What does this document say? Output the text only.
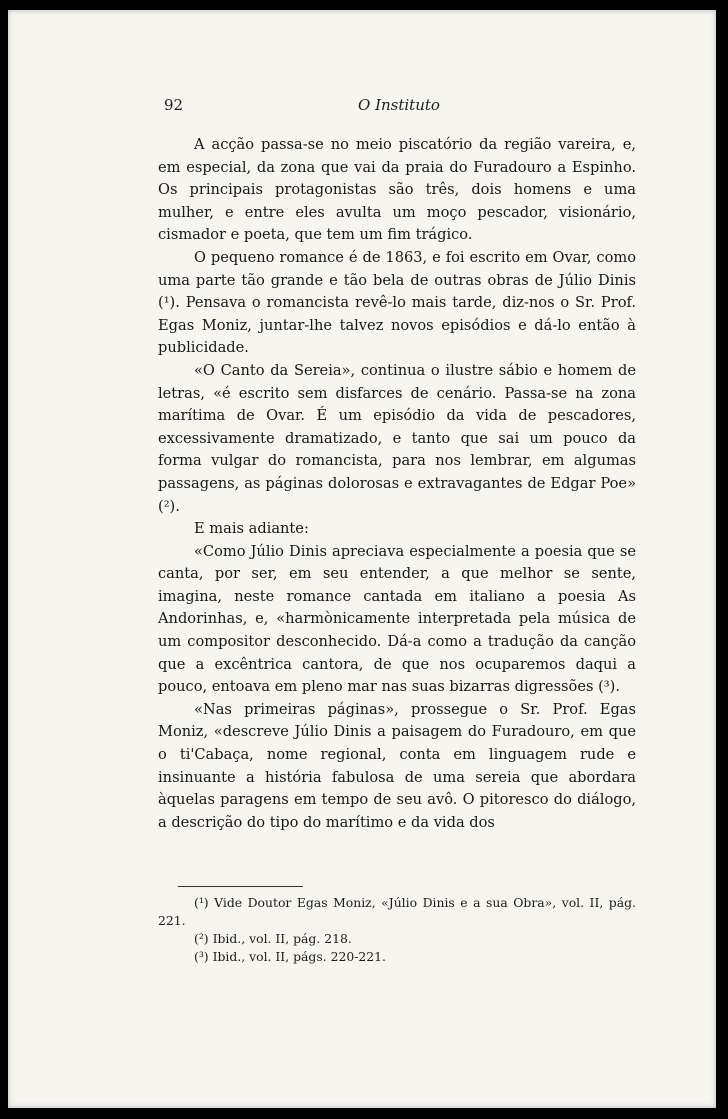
92	O Instituto

A acção passa-se no meio piscatório da região vareira, e, em especial, da zona que vai da praia do Furadouro a Espinho. Os principais protagonistas são três, dois homens e uma mulher, e entre eles avulta um moço pescador, visionário, cismador e poeta, que tem um fim trágico.

O pequeno romance é de 1863, e foi escrito em Ovar, como uma parte tão grande e tão bela de outras obras de Júlio Dinis (¹). Pensava o romancista revê-lo mais tarde, diz-nos o Sr. Prof. Egas Moniz, juntar-lhe talvez novos episódios e dá-lo então à publicidade.

«O Canto da Sereia», continua o ilustre sábio e homem de letras, «é escrito sem disfarces de cenário. Passa-se na zona marítima de Ovar. É um episódio da vida de pescadores, excessivamente dramatizado, e tanto que sai um pouco da forma vulgar do romancista, para nos lembrar, em algumas passagens, as páginas dolorosas e extravagantes de Edgar Poe» (²).

E mais adiante:

«Como Júlio Dinis apreciava especialmente a poesia que se canta, por ser, em seu entender, a que melhor se sente, imagina, neste romance cantada em italiano a poesia As Andorinhas, e, «harmònicamente interpretada pela música de um compositor desconhecido. Dá-a como a tradução da canção que a excêntrica cantora, de que nos ocuparemos daqui a pouco, entoava em pleno mar nas suas bizarras digressões (³).

«Nas primeiras páginas», prossegue o Sr. Prof. Egas Moniz, «descreve Júlio Dinis a paisagem do Furadouro, em que o ti'Cabaça, nome regional, conta em linguagem rude e insinuante a história fabulosa de uma sereia que abordara àquelas paragens em tempo de seu avô. O pitoresco do diálogo, a descrição do tipo do marítimo e da vida dos

(¹) Vide Doutor Egas Moniz, «Júlio Dinis e a sua Obra», vol. II, pág. 221.

(²) Ibid., vol. II, pág. 218.

(³) Ibid., vol. II, págs. 220-221.
